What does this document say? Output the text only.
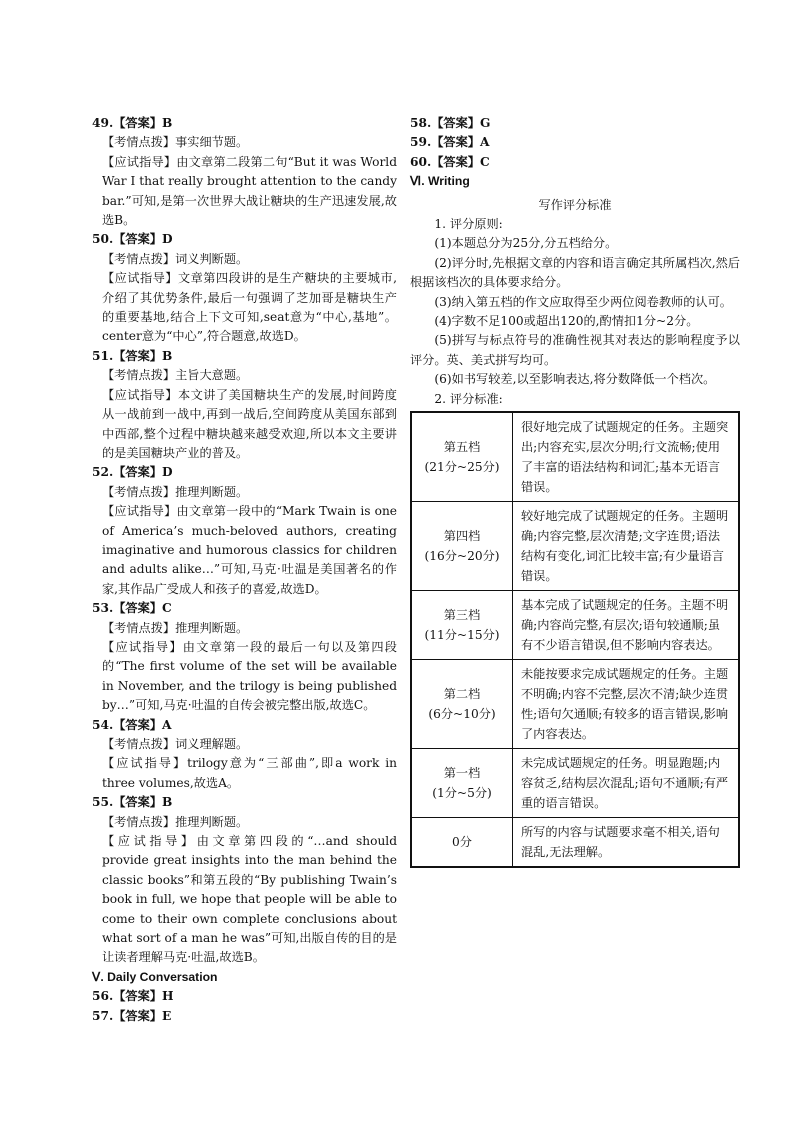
49.【答案】B
【考情点拨】事实细节题。
【应试指导】由文章第二段第二句“But it was World War Ⅰ that really brought attention to the candy bar.”可知,是第一次世界大战让糖块的生产迅速发展,故选B。
50.【答案】D
【考情点拨】词义判断题。
【应试指导】文章第四段讲的是生产糖块的主要城市,介绍了其优势条件,最后一句强调了芝加哥是糖块生产的重要基地,结合上下文可知,seat意为“中心,基地”。center意为“中心”,符合题意,故选D。
51.【答案】B
【考情点拨】主旨大意题。
【应试指导】本文讲了美国糖块生产的发展,时间跨度从一战前到一战中,再到一战后,空间跨度从美国东部到中西部,整个过程中糖块越来越受欢迎,所以本文主要讲的是美国糖块产业的普及。
52.【答案】D
【考情点拨】推理判断题。
【应试指导】由文章第一段中的“Mark Twain is one of America’s much-beloved authors, creating imaginative and humorous classics for children and adults alike…”可知,马克·吐温是美国著名的作家,其作品广受成人和孩子的喜爱,故选D。
53.【答案】C
【考情点拨】推理判断题。
【应试指导】由文章第一段的最后一句以及第四段的“The first volume of the set will be available in November, and the trilogy is being published by…”可知,马克·吐温的自传会被完整出版,故选C。
54.【答案】A
【考情点拨】词义理解题。
【应试指导】trilogy意为“三部曲”,即a work in three volumes,故选A。
55.【答案】B
【考情点拨】推理判断题。
【应试指导】由文章第四段的“…and should provide great insights into the man behind the classic books”和第五段的“By publishing Twain’s book in full, we hope that people will be able to come to their own complete conclusions about what sort of a man he was”可知,出版自传的目的是让读者理解马克·吐温,故选B。
Ⅴ. Daily Conversation
56.【答案】H
57.【答案】E
58.【答案】G
59.【答案】A
60.【答案】C
Ⅵ. Writing
写作评分标准
1. 评分原则:
(1)本题总分为25分,分五档给分。
(2)评分时,先根据文章的内容和语言确定其所属档次,然后根据该档次的具体要求给分。
(3)纳入第五档的作文应取得至少两位阅卷教师的认可。
(4)字数不足100或超出120的,酌情扣1分~2分。
(5)拼写与标点符号的准确性视其对表达的影响程度予以评分。英、美式拼写均可。
(6)如书写较差,以至影响表达,将分数降低一个档次。
2. 评分标准:
第五档
(21分~25分)	很好地完成了试题规定的任务。主题突出;内容充实,层次分明;行文流畅;使用了丰富的语法结构和词汇;基本无语言错误。

第四档
(16分~20分)	较好地完成了试题规定的任务。主题明确;内容完整,层次清楚;文字连贯;语法结构有变化,词汇比较丰富;有少量语言错误。

第三档
(11分~15分)	基本完成了试题规定的任务。主题不明确;内容尚完整,有层次;语句较通顺;虽有不少语言错误,但不影响内容表达。

第二档
(6分~10分)	未能按要求完成试题规定的任务。主题不明确;内容不完整,层次不清;缺少连贯性;语句欠通顺;有较多的语言错误,影响了内容表达。

第一档
(1分~5分)	未完成试题规定的任务。明显跑题;内容贫乏,结构层次混乱;语句不通顺;有严重的语言错误。

0分	所写的内容与试题要求毫不相关,语句混乱,无法理解。
